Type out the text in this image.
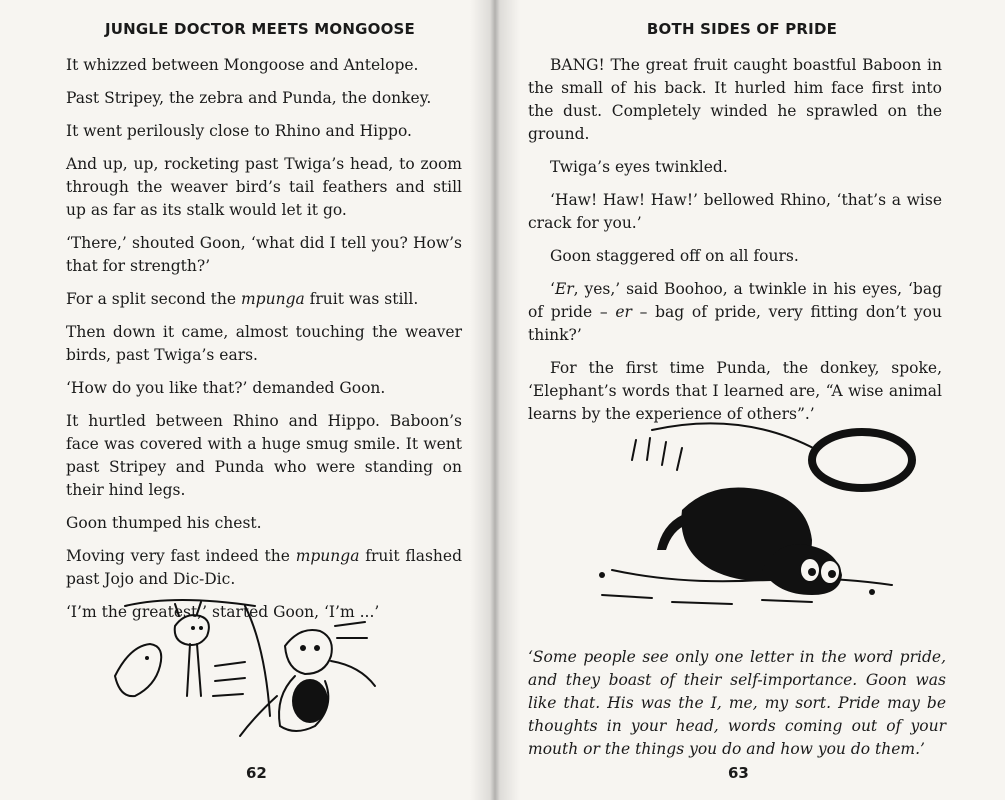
JUNGLE DOCTOR MEETS MONGOOSE

It whizzed between Mongoose and Antelope.

Past Stripey, the zebra and Punda, the donkey.

It went perilously close to Rhino and Hippo.

And up, up, rocketing past Twiga’s head, to zoom through the weaver bird’s tail feathers and still up as far as its stalk would let it go.

‘There,’ shouted Goon, ‘what did I tell you? How’s that for strength?’

For a split second the mpunga fruit was still.

Then down it came, almost touching the weaver birds, past Twiga’s ears.

‘How do you like that?’ demanded Goon.

It hurtled between Rhino and Hippo. Baboon’s face was covered with a huge smug smile. It went past Stripey and Punda who were standing on their hind legs.

Goon thumped his chest.

Moving very fast indeed the mpunga fruit flashed past Jojo and Dic-Dic.

‘I’m the greatest,’ started Goon, ‘I’m ...’

62
BOTH SIDES OF PRIDE

BANG! The great fruit caught boastful Baboon in the small of his back. It hurled him face first into the dust. Completely winded he sprawled on the ground.

Twiga’s eyes twinkled.

‘Haw! Haw! Haw!’ bellowed Rhino, ‘that’s a wise crack for you.’

Goon staggered off on all fours.

‘Er, yes,’ said Boohoo, a twinkle in his eyes, ‘bag of pride – er – bag of pride, very fitting don’t you think?’

For the first time Punda, the donkey, spoke, ‘Elephant’s words that I learned are, “A wise animal learns by the experience of others”.’

‘Some people see only one letter in the word pride, and they boast of their self-importance. Goon was like that. His was the I, me, my sort. Pride may be thoughts in your head, words coming out of your mouth or the things you do and how you do them.’
63
